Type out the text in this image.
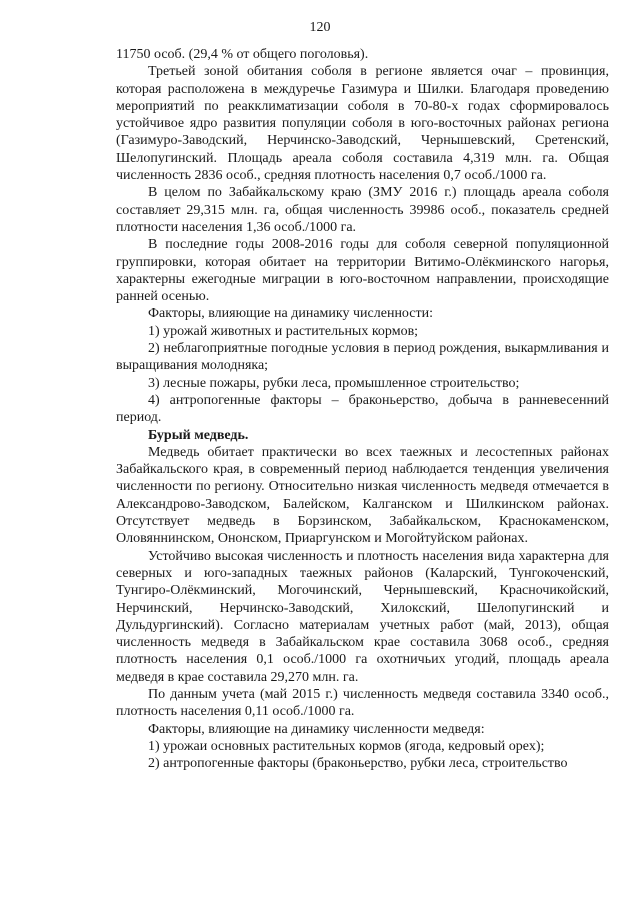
120

11750 особ. (29,4 % от общего поголовья).

Третьей зоной обитания соболя в регионе является очаг – провинция, которая расположена в междуречье Газимура и Шилки. Благодаря проведению мероприятий по реакклиматизации соболя в 70-80-х годах сформировалось устойчивое ядро развития популяции соболя в юго-восточных районах региона (Газимуро-Заводский, Нерчинско-Заводский, Чернышевский, Сретенский, Шелопугинский. Площадь ареала соболя составила 4,319 млн. га. Общая численность 2836 особ., средняя плотность населения 0,7 особ./1000 га.

В целом по Забайкальскому краю (ЗМУ 2016 г.) площадь ареала соболя составляет 29,315 млн. га, общая численность 39986 особ., показатель средней плотности населения 1,36 особ./1000 га.

В последние годы 2008-2016 годы для соболя северной популяционной группировки, которая обитает на территории Витимо-Олёкминского нагорья, характерны ежегодные миграции в юго-восточном направлении, происходящие ранней осенью.

Факторы, влияющие на динамику численности:

1) урожай животных и растительных кормов;

2) неблагоприятные погодные условия в период рождения, выкармливания и выращивания молодняка;

3) лесные пожары, рубки леса, промышленное строительство;

4) антропогенные факторы – браконьерство, добыча в ранневесенний период.

Бурый медведь.

Медведь обитает практически во всех таежных и лесостепных районах Забайкальского края, в современный период наблюдается тенденция увеличения численности по региону. Относительно низкая численность медведя отмечается в Александрово-Заводском, Балейском, Калганском и Шилкинском районах. Отсутствует медведь в Борзинском, Забайкальском, Краснокаменском, Оловяннинском, Ононском, Приаргунском и Могойтуйском районах.

Устойчиво высокая численность и плотность населения вида характерна для северных и юго-западных таежных районов (Каларский, Тунгокоченский, Тунгиро-Олёкминский, Могочинский, Чернышевский, Красночикойский, Нерчинский, Нерчинско-Заводский, Хилокский, Шелопугинский и Дульдургинский). Согласно материалам учетных работ (май, 2013), общая численность медведя в Забайкальском крае составила 3068 особ., средняя плотность населения 0,1 особ./1000 га охотничьих угодий, площадь ареала медведя в крае составила 29,270 млн. га.

По данным учета (май 2015 г.) численность медведя составила 3340 особ., плотность населения 0,11 особ./1000 га.

Факторы, влияющие на динамику численности медведя:

1) урожаи основных растительных кормов (ягода, кедровый орех);

2) антропогенные факторы (браконьерство, рубки леса, строительство
